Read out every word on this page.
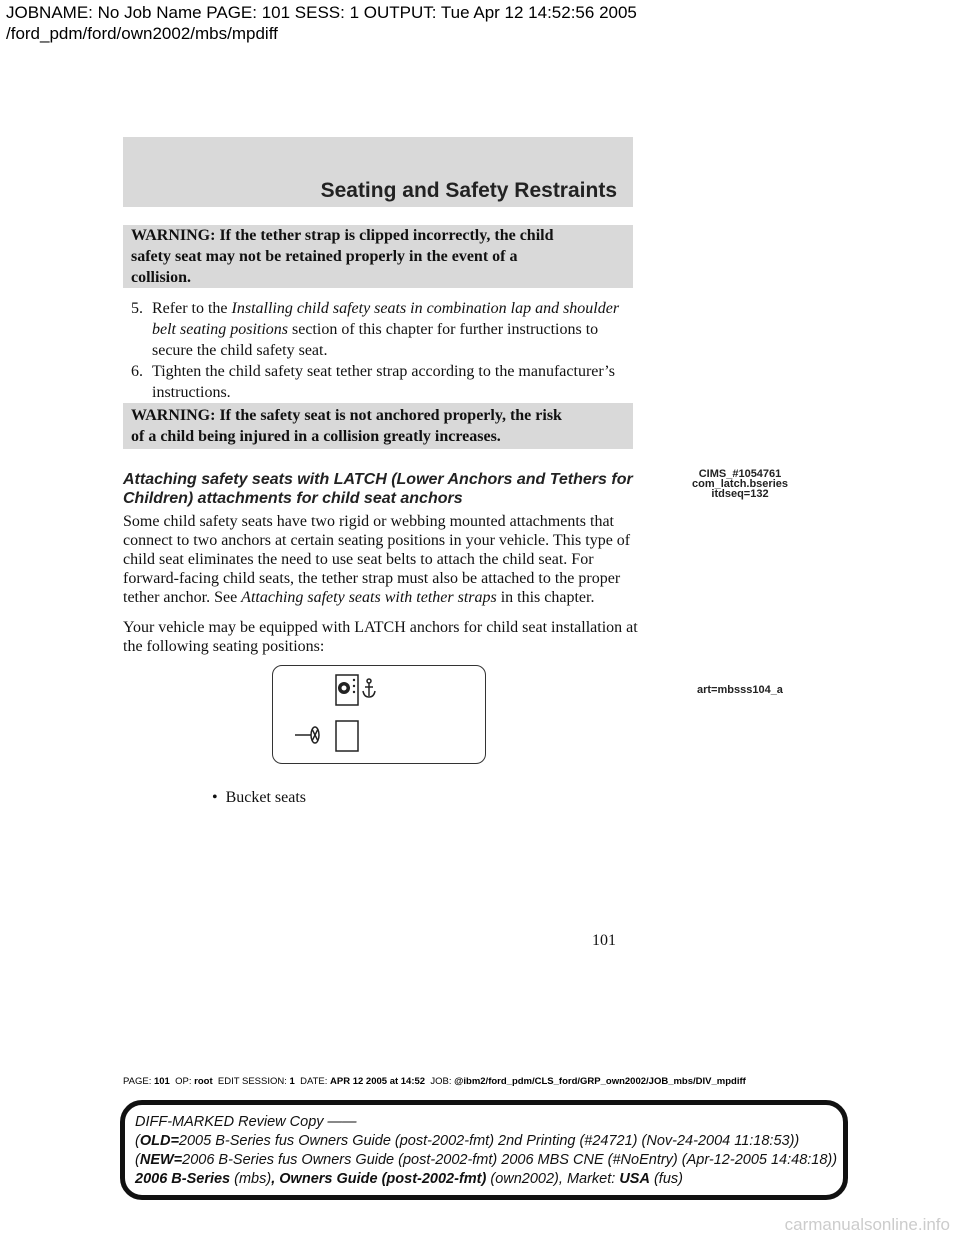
JOBNAME: No Job Name PAGE: 101 SESS: 1 OUTPUT: Tue Apr 12 14:52:56 2005
/ford_pdm/ford/own2002/mbs/mpdiff
Seating and Safety Restraints
WARNING: If the tether strap is clipped incorrectly, the child
safety seat may not be retained properly in the event of a
collision.
5. Refer to the Installing child safety seats in combination lap and shoulder belt seating positions section of this chapter for further instructions to secure the child safety seat.
6. Tighten the child safety seat tether strap according to the manufacturer’s instructions.
WARNING: If the safety seat is not anchored properly, the risk
of a child being injured in a collision greatly increases.
Attaching safety seats with LATCH (Lower Anchors and Tethers for
Children) attachments for child seat anchors
CIMS_#1054761
com_latch.bseries
itdseq=132
Some child safety seats have two rigid or webbing mounted attachments that connect to two anchors at certain seating positions in your vehicle. This type of child seat eliminates the need to use seat belts to attach the child seat. For forward-facing child seats, the tether strap must also be attached to the proper tether anchor. See Attaching safety seats with tether straps in this chapter.
Your vehicle may be equipped with LATCH anchors for child seat installation at the following seating positions:
art=mbsss104_a
• Bucket seats
101
PAGE: 101 OP: root EDIT SESSION: 1 DATE: APR 12 2005 at 14:52 JOB: @ibm2/ford_pdm/CLS_ford/GRP_own2002/JOB_mbs/DIV_mpdiff
DIFF-MARKED Review Copy ——
(OLD=2005 B-Series fus Owners Guide (post-2002-fmt) 2nd Printing (#24721) (Nov-24-2004 11:18:53))
(NEW=2006 B-Series fus Owners Guide (post-2002-fmt) 2006 MBS CNE (#NoEntry) (Apr-12-2005 14:48:18))
2006 B-Series (mbs), Owners Guide (post-2002-fmt) (own2002), Market: USA (fus)
carmanualsonline.info
